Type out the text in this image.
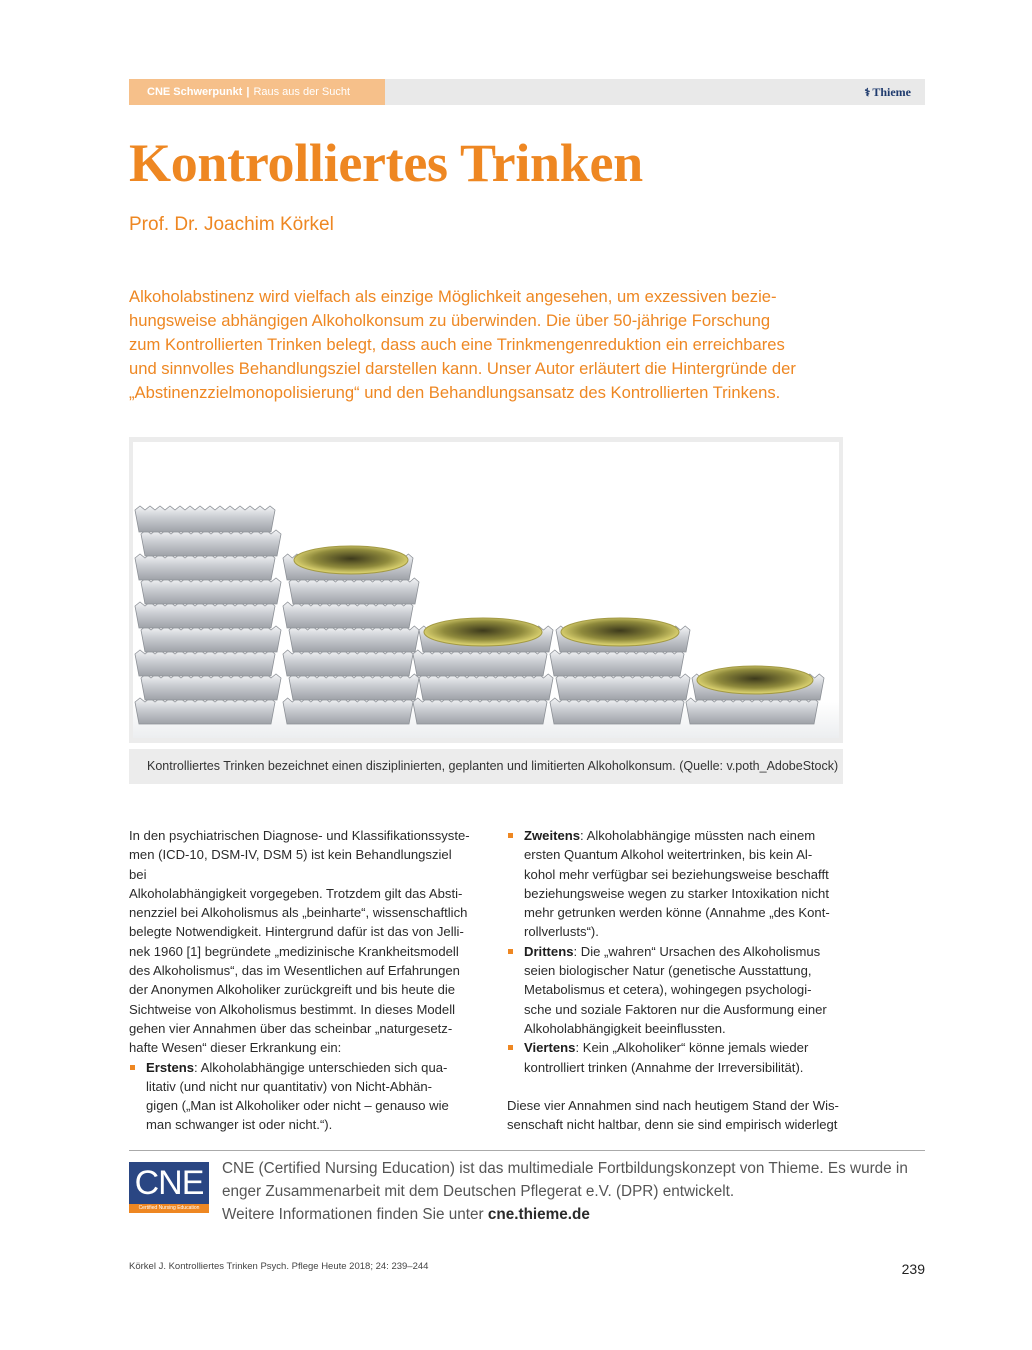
CNE Schwerpunkt | Raus aus der Sucht	⚕ Thieme
Kontrolliertes Trinken
Prof. Dr. Joachim Körkel

Alkoholabstinenz wird vielfach als einzige Möglichkeit angesehen, um exzessiven bezie-
hungsweise abhängigen Alkoholkonsum zu überwinden. Die über 50-jährige Forschung
zum Kontrollierten Trinken belegt, dass auch eine Trinkmengenreduktion ein erreichbares
und sinnvolles Behandlungsziel darstellen kann. Unser Autor erläutert die Hintergründe der
„Abstinenzzielmonopolisierung“ und den Behandlungsansatz des Kontrollierten Trinkens.

Kontrolliertes Trinken bezeichnet einen disziplinierten, geplanten und limitierten Alkoholkonsum. (Quelle: v.poth_AdobeStock)

In den psychiatrischen Diagnose- und Klassifikationssyste-
men (ICD-10, DSM-IV, DSM 5) ist kein Behandlungsziel bei
Alkoholabhängigkeit vorgegeben. Trotzdem gilt das Absti-
nenzziel bei Alkoholismus als „beinharte“, wissenschaftlich
belegte Notwendigkeit. Hintergrund dafür ist das von Jelli-
nek 1960 [1] begründete „medizinische Krankheitsmodell
des Alkoholismus“, das im Wesentlichen auf Erfahrungen
der Anonymen Alkoholiker zurückgreift und bis heute die
Sichtweise von Alkoholismus bestimmt. In dieses Modell
gehen vier Annahmen über das scheinbar „naturgesetz-
hafte Wesen“ dieser Erkrankung ein:

Erstens: Alkoholabhängige unterschieden sich qua-
litativ (und nicht nur quantitativ) von Nicht-Abhän-
gigen („Man ist Alkoholiker oder nicht – genauso wie
man schwanger ist oder nicht.“).
Zweitens: Alkoholabhängige müssten nach einem
ersten Quantum Alkohol weitertrinken, bis kein Al-
kohol mehr verfügbar sei beziehungsweise beschafft
beziehungsweise wegen zu starker Intoxikation nicht
mehr getrunken werden könne (Annahme „des Kont-
rollverlusts“).
Drittens: Die „wahren“ Ursachen des Alkoholismus
seien biologischer Natur (genetische Ausstattung,
Metabolismus et cetera), wohingegen psychologi-
sche und soziale Faktoren nur die Ausformung einer
Alkoholabhängigkeit beeinflussten.
Viertens: Kein „Alkoholiker“ könne jemals wieder
kontrolliert trinken (Annahme der Irreversibilität).

Diese vier Annahmen sind nach heutigem Stand der Wis-
senschaft nicht haltbar, denn sie sind empirisch widerlegt

CNE
Certified Nursing Education
CNE (Certified Nursing Education) ist das multimediale Fortbildungskonzept von Thieme. Es wurde in
enger Zusammenarbeit mit dem Deutschen Pflegerat e.V. (DPR) entwickelt.
Weitere Informationen finden Sie unter cne.thieme.de
Körkel J. Kontrolliertes Trinken Psych. Pflege Heute 2018; 24: 239–244	239
